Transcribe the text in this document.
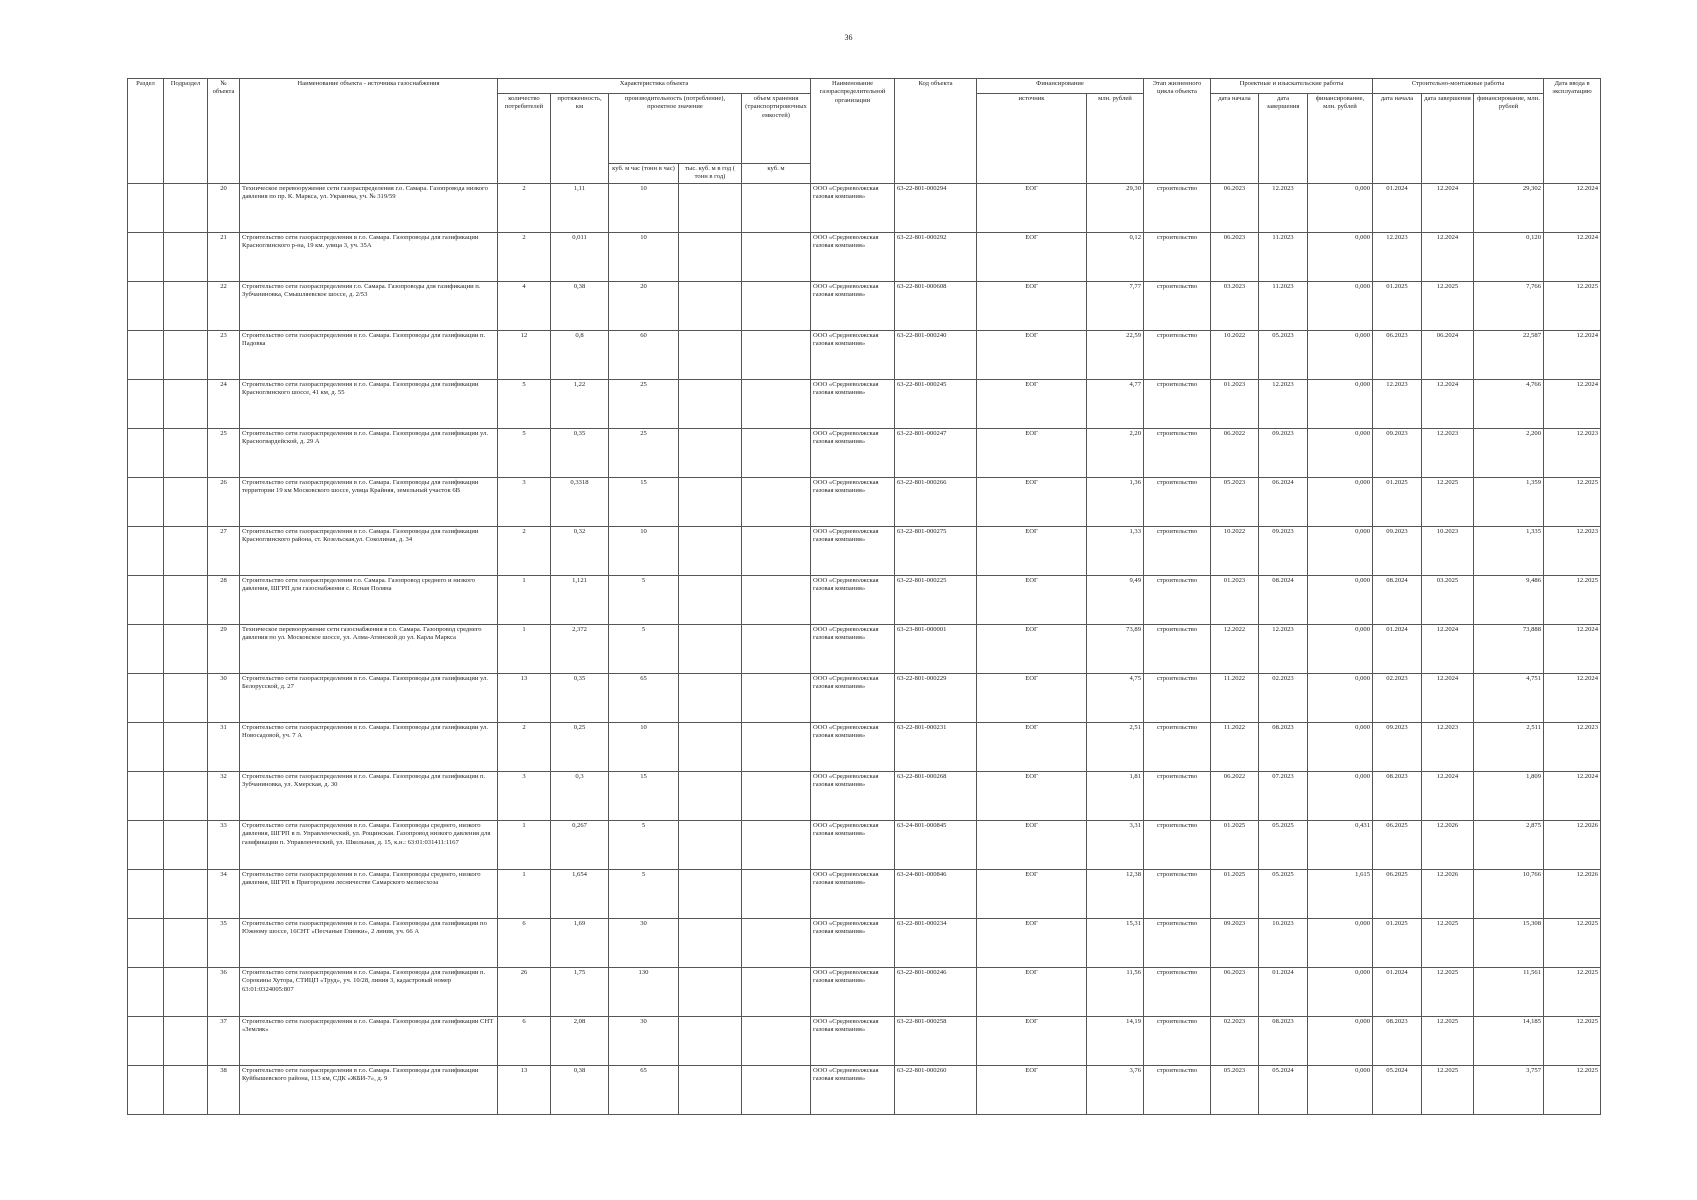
36
Раздел	Подраздел	№ объекта	Наименование объекта - источника газоснабжения	Характеристика объекта					Наименование газораспределительной организации	Код объекта	Финансирование		Этап жизненного цикла объекта	Проектные и изыскательские работы			Строительно-монтажные работы			Дата ввода в эксплуатацию
				количество потребителей	протяженность, км	производительность (потребление), проектное значение		объем хранения (транспортировочных емкостей)			источник	млн. рублей		дата начала	дата завершения	финансирование, млн. рублей	дата начала	дата завершения	финансирование, млн. рублей	
						куб. м час (тонн в час)	тыс. куб. м в год ( тонн в год)	куб. м												
		20	Техническое перевооружение сети газораспределения г.о. Самара. Газопровода низкого давления по пр. К. Маркса, ул. Украинка, уч. № 319/59	2	1,11	10			ООО «Средневолжская газовая компания»	63-22-801-000294	ЕОГ	29,30	строительство	06.2023	12.2023	0,000	01.2024	12.2024	29,302	12.2024
		21	Строительство сети газораспределения в г.о. Самара. Газопроводы для газификации Красноглинского р-на, 19 км. улица 3, уч. 35А	2	0,011	10			ООО «Средневолжская газовая компания»	63-22-801-000292	ЕОГ	0,12	строительство	06.2023	11.2023	0,000	12.2023	12.2024	0,120	12.2024
		22	Строительство сети газораспределения г.о. Самара. Газопроводы для газификации п. Зубчаниновка, Смышляевское шоссе, д. 2/53	4	0,38	20			ООО «Средневолжская газовая компания»	63-22-801-000608	ЕОГ	7,77	строительство	03.2023	11.2023	0,000	01.2025	12.2025	7,766	12.2025
		23	Строительство сети газораспределения в г.о. Самара. Газопроводы для газификации п. Падовка	12	0,8	60			ООО «Средневолжская газовая компания»	63-22-801-000240	ЕОГ	22,59	строительство	10.2022	05.2023	0,000	06.2023	06.2024	22,587	12.2024
		24	Строительство сети газораспределения в г.о. Самара. Газопроводы для газификации Красноглинского шоссе, 41 км, д. 55	5	1,22	25			ООО «Средневолжская газовая компания»	63-22-801-000245	ЕОГ	4,77	строительство	01.2023	12.2023	0,000	12.2023	12.2024	4,766	12.2024
		25	Строительство сети газораспределения в г.о. Самара. Газопроводы для газификации ул. Красногвардейской, д. 29 А	5	0,35	25			ООО «Средневолжская газовая компания»	63-22-801-000247	ЕОГ	2,20	строительство	06.2022	09.2023	0,000	09.2023	12.2023	2,200	12.2023
		26	Строительство сети газораспределения в г.о. Самара. Газопроводы для газификации территории 19 км Московского шоссе, улица Крайняя, земельный участок 6В	3	0,3318	15			ООО «Средневолжская газовая компания»	63-22-801-000266	ЕОГ	1,36	строительство	05.2023	06.2024	0,000	01.2025	12.2025	1,359	12.2025
		27	Строительство сети газораспределения в г.о. Самара. Газопроводы для газификации Красноглинского района, ст. Козельская,ул. Соколиная, д. 34	2	0,32	10			ООО «Средневолжская газовая компания»	63-22-801-000275	ЕОГ	1,33	строительство	10.2022	09.2023	0,000	09.2023	10.2023	1,335	12.2023
		28	Строительство сети газораспределения г.о. Самара. Газопровод среднего и низкого давления, ШГРП для газоснабжения с. Ясная Поляна	1	1,121	5			ООО «Средневолжская газовая компания»	63-22-801-000225	ЕОГ	9,49	строительство	01.2023	08.2024	0,000	08.2024	03.2025	9,486	12.2025
		29	Техническое перевооружение сети газоснабжения в г.о. Самара. Газопровод среднего давления по ул. Московское шоссе, ул. Алма-Атинской до ул. Карла Маркса	1	2,372	5			ООО «Средневолжская газовая компания»	63-23-801-000001	ЕОГ	73,89	строительство	12.2022	12.2023	0,000	01.2024	12.2024	73,888	12.2024
		30	Строительство сети газораспределения в г.о. Самара. Газопроводы для газификации ул. Белорусской, д. 27	13	0,35	65			ООО «Средневолжская газовая компания»	63-22-801-000229	ЕОГ	4,75	строительство	11.2022	02.2023	0,000	02.2023	12.2024	4,751	12.2024
		31	Строительство сети газораспределения в г.о. Самара. Газопроводы для газификации ул. Новосадовой, уч. 7 А	2	0,25	10			ООО «Средневолжская газовая компания»	63-22-801-000231	ЕОГ	2,51	строительство	11.2022	08.2023	0,000	09.2023	12.2023	2,511	12.2023
		32	Строительство сети газораспределения в г.о. Самара. Газопроводы для газификации п. Зубчаниновка, ул. Хмерская, д. 30	3	0,3	15			ООО «Средневолжская газовая компания»	63-22-801-000268	ЕОГ	1,81	строительство	06.2022	07.2023	0,000	08.2023	12.2024	1,809	12.2024
		33	Строительство сети газораспределения в г.о. Самара. Газопроводы среднего, низкого давления, ШГРП в п. Управленческий, ул. Рощинская. Газопровод низкого давления для газификации п. Управленческий, ул. Школьная, д. 15, к.н.: 63:01:031411:1167	1	0,267	5			ООО «Средневолжская газовая компания»	63-24-801-000845	ЕОГ	3,31	строительство	01.2025	05.2025	0,431	06.2025	12.2026	2,875	12.2026
		34	Строительство сети газораспределения в г.о. Самара. Газопроводы среднего, низкого давления, ШГРП в Пригородном лесничестве Самарского мелиесхоза	1	1,654	5			ООО «Средневолжская газовая компания»	63-24-801-000846	ЕОГ	12,38	строительство	01.2025	05.2025	1,615	06.2025	12.2026	10,766	12.2026
		35	Строительство сети газораспределения в г.о. Самара. Газопроводы для газификации по Южному шоссе, 16СНТ «Песчаные Глинки», 2 линия, уч. 66 А	6	1,69	30			ООО «Средневолжская газовая компания»	63-22-801-000234	ЕОГ	15,31	строительство	09.2023	10.2023	0,000	01.2025	12.2025	15,308	12.2025
		36	Строительство сети газораспределения в г.о. Самара. Газопроводы для газификации п. Сорокины Хутора, СТИЦП «Труд», уч. 10/28, линия 3, кадастровый номер 63:01:0324005:807	26	1,75	130			ООО «Средневолжская газовая компания»	63-22-801-000246	ЕОГ	11,56	строительство	06.2023	01.2024	0,000	01.2024	12.2025	11,561	12.2025
		37	Строительство сети газораспределения в г.о. Самара. Газопроводы для газификации СНТ «Земляк»	6	2,08	30			ООО «Средневолжская газовая компания»	63-22-801-000258	ЕОГ	14,19	строительство	02.2023	08.2023	0,000	08.2023	12.2025	14,185	12.2025
		38	Строительство сети газораспределения в г.о. Самара. Газопроводы для газификации Куйбышевского района, 113 км, СДК «ЖБИ-7», д. 9	13	0,38	65			ООО «Средневолжская газовая компания»	63-22-801-000260	ЕОГ	3,76	строительство	05.2023	05.2024	0,000	05.2024	12.2025	3,757	12.2025
